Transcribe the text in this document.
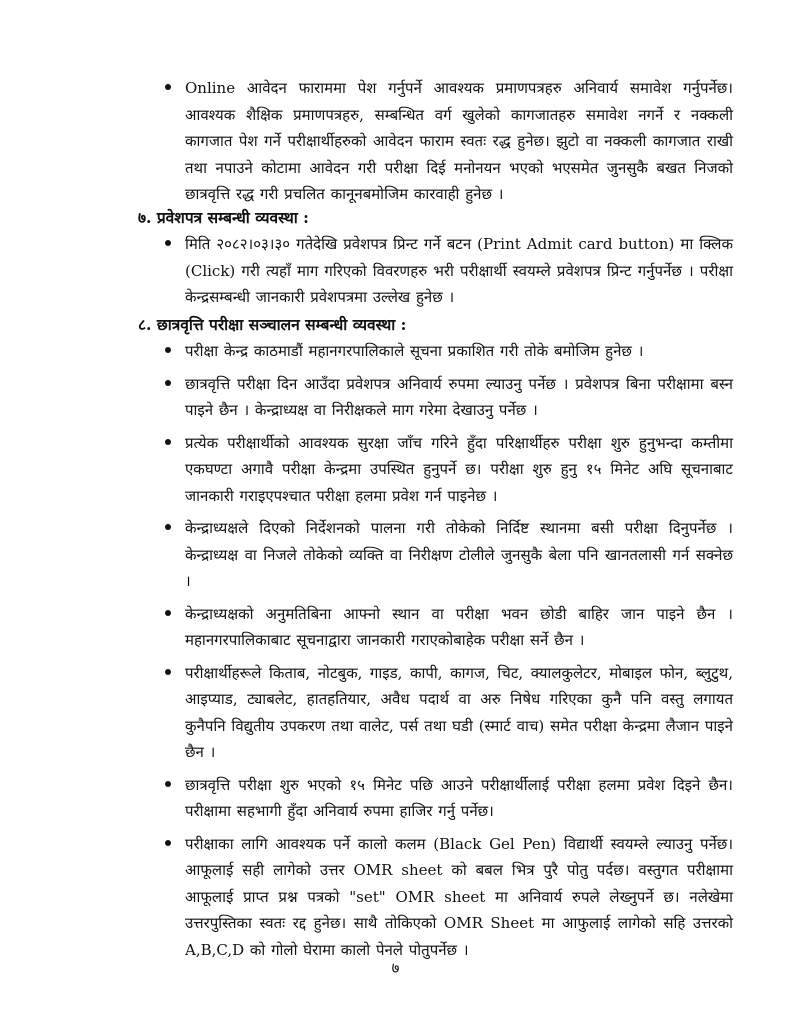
Online आवेदन फाराममा पेश गर्नुपर्ने आवश्यक प्रमाणपत्रहरु अनिवार्य समावेश गर्नुपर्नेछ। आवश्यक शैक्षिक प्रमाणपत्रहरु, सम्बन्धित वर्ग खुलेको कागजातहरु समावेश नगर्ने र नक्कली कागजात पेश गर्ने परीक्षार्थीहरुको आवेदन फाराम स्वतः रद्ध हुनेछ। झुटो वा नक्कली कागजात राखी तथा नपाउने कोटामा आवेदन गरी परीक्षा दिई मनोनयन भएको भएसमेत जुनसुकै बखत निजको छात्रवृत्ति रद्ध गरी प्रचलित कानूनबमोजिम कारवाही हुनेछ ।
७. प्रवेशपत्र सम्बन्धी व्यवस्था :
मिति २०८२।०३।३० गतेदेखि प्रवेशपत्र प्रिन्ट गर्ने बटन (Print Admit card button) मा क्लिक (Click) गरी त्यहाँ माग गरिएको विवरणहरु भरी परीक्षार्थी स्वयम्ले प्रवेशपत्र प्रिन्ट गर्नुपर्नेछ । परीक्षा केन्द्रसम्बन्धी जानकारी प्रवेशपत्रमा उल्लेख हुनेछ ।
८. छात्रवृत्ति परीक्षा सञ्चालन सम्बन्धी व्यवस्था :
परीक्षा केन्द्र काठमाडौं महानगरपालिकाले सूचना प्रकाशित गरी तोके बमोजिम हुनेछ ।
छात्रवृत्ति परीक्षा दिन आउँदा प्रवेशपत्र अनिवार्य रुपमा ल्याउनु पर्नेछ । प्रवेशपत्र बिना परीक्षामा बस्न पाइने छैन । केन्द्राध्यक्ष वा निरीक्षकले माग गरेमा देखाउनु पर्नेछ ।
प्रत्येक परीक्षार्थीको आवश्यक सुरक्षा जाँच गरिने हुँदा परिक्षार्थीहरु परीक्षा शुरु हुनुभन्दा कम्तीमा एकघण्टा अगावै परीक्षा केन्द्रमा उपस्थित हुनुपर्ने छ। परीक्षा शुरु हुनु १५ मिनेट अघि सूचनाबाट जानकारी गराइएपश्चात परीक्षा हलमा प्रवेश गर्न पाइनेछ ।
केन्द्राध्यक्षले दिएको निर्देशनको पालना गरी तोकेको निर्दिष्ट स्थानमा बसी परीक्षा दिनुपर्नेछ । केन्द्राध्यक्ष वा निजले तोकेको व्यक्ति वा निरीक्षण टोलीले जुनसुकै बेला पनि खानतलासी गर्न सक्नेछ ।
केन्द्राध्यक्षको अनुमतिबिना आफ्नो स्थान वा परीक्षा भवन छोडी बाहिर जान पाइने छैन । महानगरपालिकाबाट सूचनाद्वारा जानकारी गराएकोबाहेक परीक्षा सर्ने छैन ।
परीक्षार्थीहरूले किताब, नोटबुक, गाइड, कापी, कागज, चिट, क्यालकुलेटर, मोबाइल फोन, ब्लुटुथ, आइप्याड, ट्याबलेट, हातहतियार, अवैध पदार्थ वा अरु निषेध गरिएका कुनै पनि वस्तु लगायत कुनैपनि विद्युतीय उपकरण तथा वालेट, पर्स तथा घडी (स्मार्ट वाच) समेत परीक्षा केन्द्रमा लैजान पाइने छैन ।
छात्रवृत्ति परीक्षा शुरु भएको १५ मिनेट पछि आउने परीक्षार्थीलाई परीक्षा हलमा प्रवेश दिइने छैन। परीक्षामा सहभागी हुँदा अनिवार्य रुपमा हाजिर गर्नु पर्नेछ।
परीक्षाका लागि आवश्यक पर्ने कालो कलम (Black Gel Pen) विद्यार्थी स्वयम्ले ल्याउनु पर्नेछ। आफूलाई सही लागेको उत्तर OMR sheet को बबल भित्र पुरै पोतु पर्दछ। वस्तुगत परीक्षामा आफूलाई प्राप्त प्रश्न पत्रको "set" OMR sheet मा अनिवार्य रुपले लेख्नुपर्ने छ। नलेखेमा उत्तरपुस्तिका स्वतः रद्द हुनेछ। साथै तोकिएको OMR Sheet मा आफुलाई लागेको सहि उत्तरको A,B,C,D को गोलो घेरामा कालो पेनले पोतुपर्नेछ ।
७
